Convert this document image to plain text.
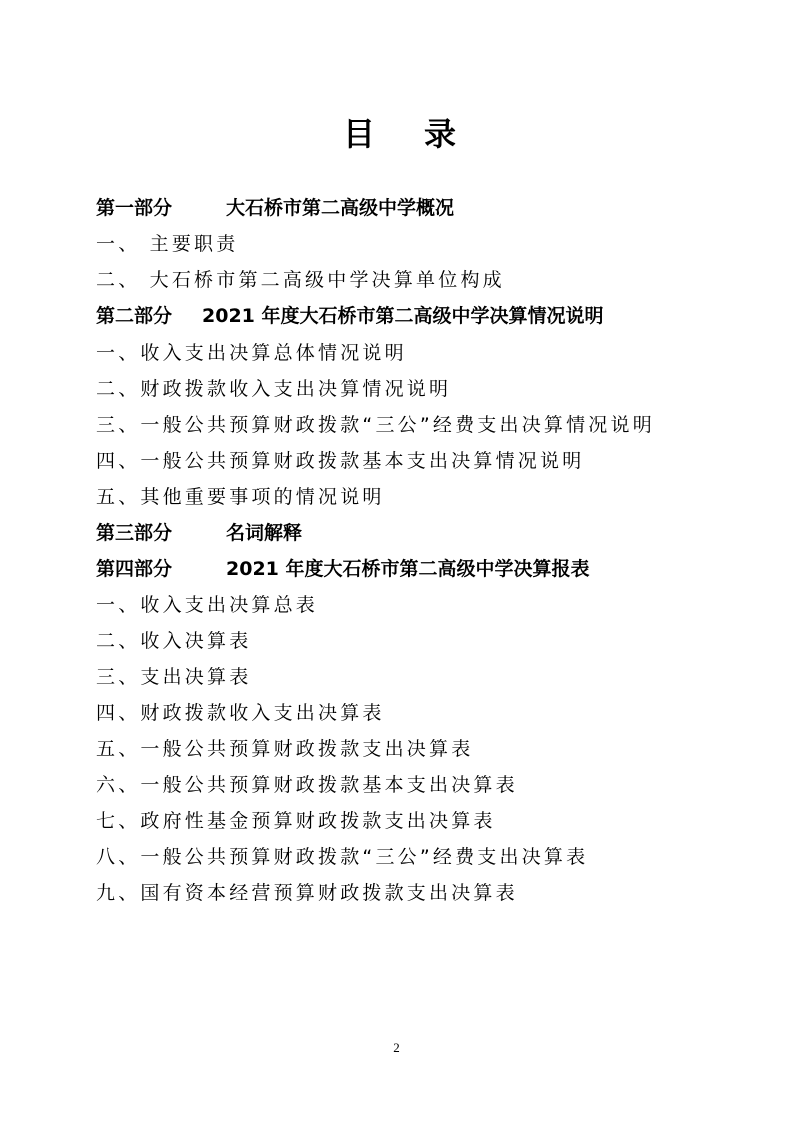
目 录
第一部分	大石桥市第二高级中学概况
一、 主要职责
二、 大石桥市第二高级中学决算单位构成
第二部分 2021 年度大石桥市第二高级中学决算情况说明
一、收入支出决算总体情况说明
二、财政拨款收入支出决算情况说明
三、一般公共预算财政拨款“三公”经费支出决算情况说明
四、一般公共预算财政拨款基本支出决算情况说明
五、其他重要事项的情况说明
第三部分	名词解释
第四部分	2021 年度大石桥市第二高级中学决算报表
一、收入支出决算总表
二、收入决算表
三、支出决算表
四、财政拨款收入支出决算表
五、一般公共预算财政拨款支出决算表
六、一般公共预算财政拨款基本支出决算表
七、政府性基金预算财政拨款支出决算表
八、一般公共预算财政拨款“三公”经费支出决算表
九、国有资本经营预算财政拨款支出决算表
2
